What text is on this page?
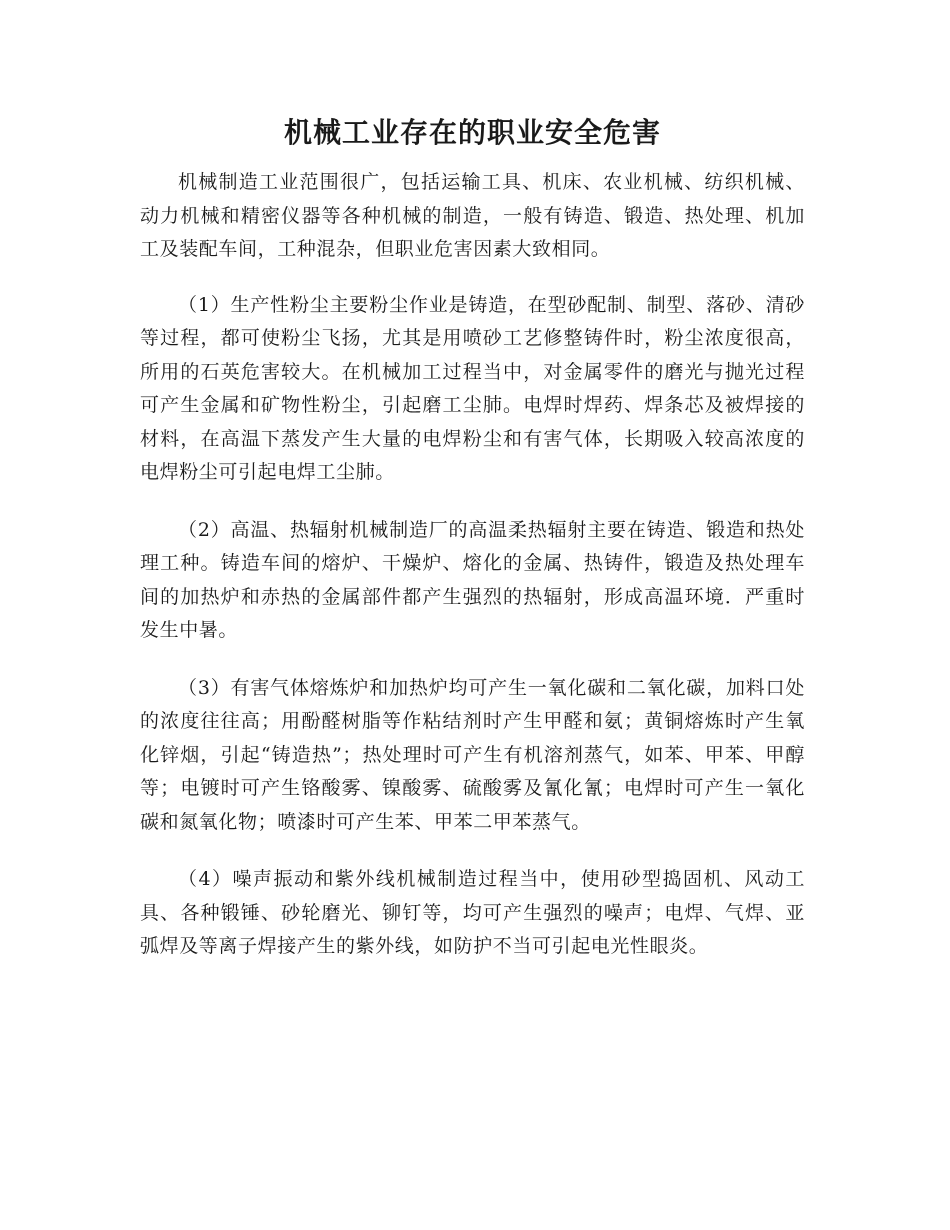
机械工业存在的职业安全危害

机械制造工业范围很广，包括运输工具、机床、农业机械、纺织机械、动力机械和精密仪器等各种机械的制造，一般有铸造、锻造、热处理、机加工及装配车间，工种混杂，但职业危害因素大致相同。

（1）生产性粉尘主要粉尘作业是铸造，在型砂配制、制型、落砂、清砂等过程，都可使粉尘飞扬，尤其是用喷砂工艺修整铸件时，粉尘浓度很高，所用的石英危害较大。在机械加工过程当中，对金属零件的磨光与抛光过程可产生金属和矿物性粉尘，引起磨工尘肺。电焊时焊药、焊条芯及被焊接的材料，在高温下蒸发产生大量的电焊粉尘和有害气体，长期吸入较高浓度的电焊粉尘可引起电焊工尘肺。

（2）高温、热辐射机械制造厂的高温柔热辐射主要在铸造、锻造和热处理工种。铸造车间的熔炉、干燥炉、熔化的金属、热铸件，锻造及热处理车间的加热炉和赤热的金属部件都产生强烈的热辐射，形成高温环境．严重时发生中暑。

（3）有害气体熔炼炉和加热炉均可产生一氧化碳和二氧化碳，加料口处的浓度往往高；用酚醛树脂等作粘结剂时产生甲醛和氨；黄铜熔炼时产生氧化锌烟，引起“铸造热”；热处理时可产生有机溶剂蒸气，如苯、甲苯、甲醇等；电镀时可产生铬酸雾、镍酸雾、硫酸雾及氰化氰；电焊时可产生一氧化碳和氮氧化物；喷漆时可产生苯、甲苯二甲苯蒸气。

（4）噪声振动和紫外线机械制造过程当中，使用砂型捣固机、风动工具、各种锻锤、砂轮磨光、铆钉等，均可产生强烈的噪声；电焊、气焊、亚弧焊及等离子焊接产生的紫外线，如防护不当可引起电光性眼炎。
